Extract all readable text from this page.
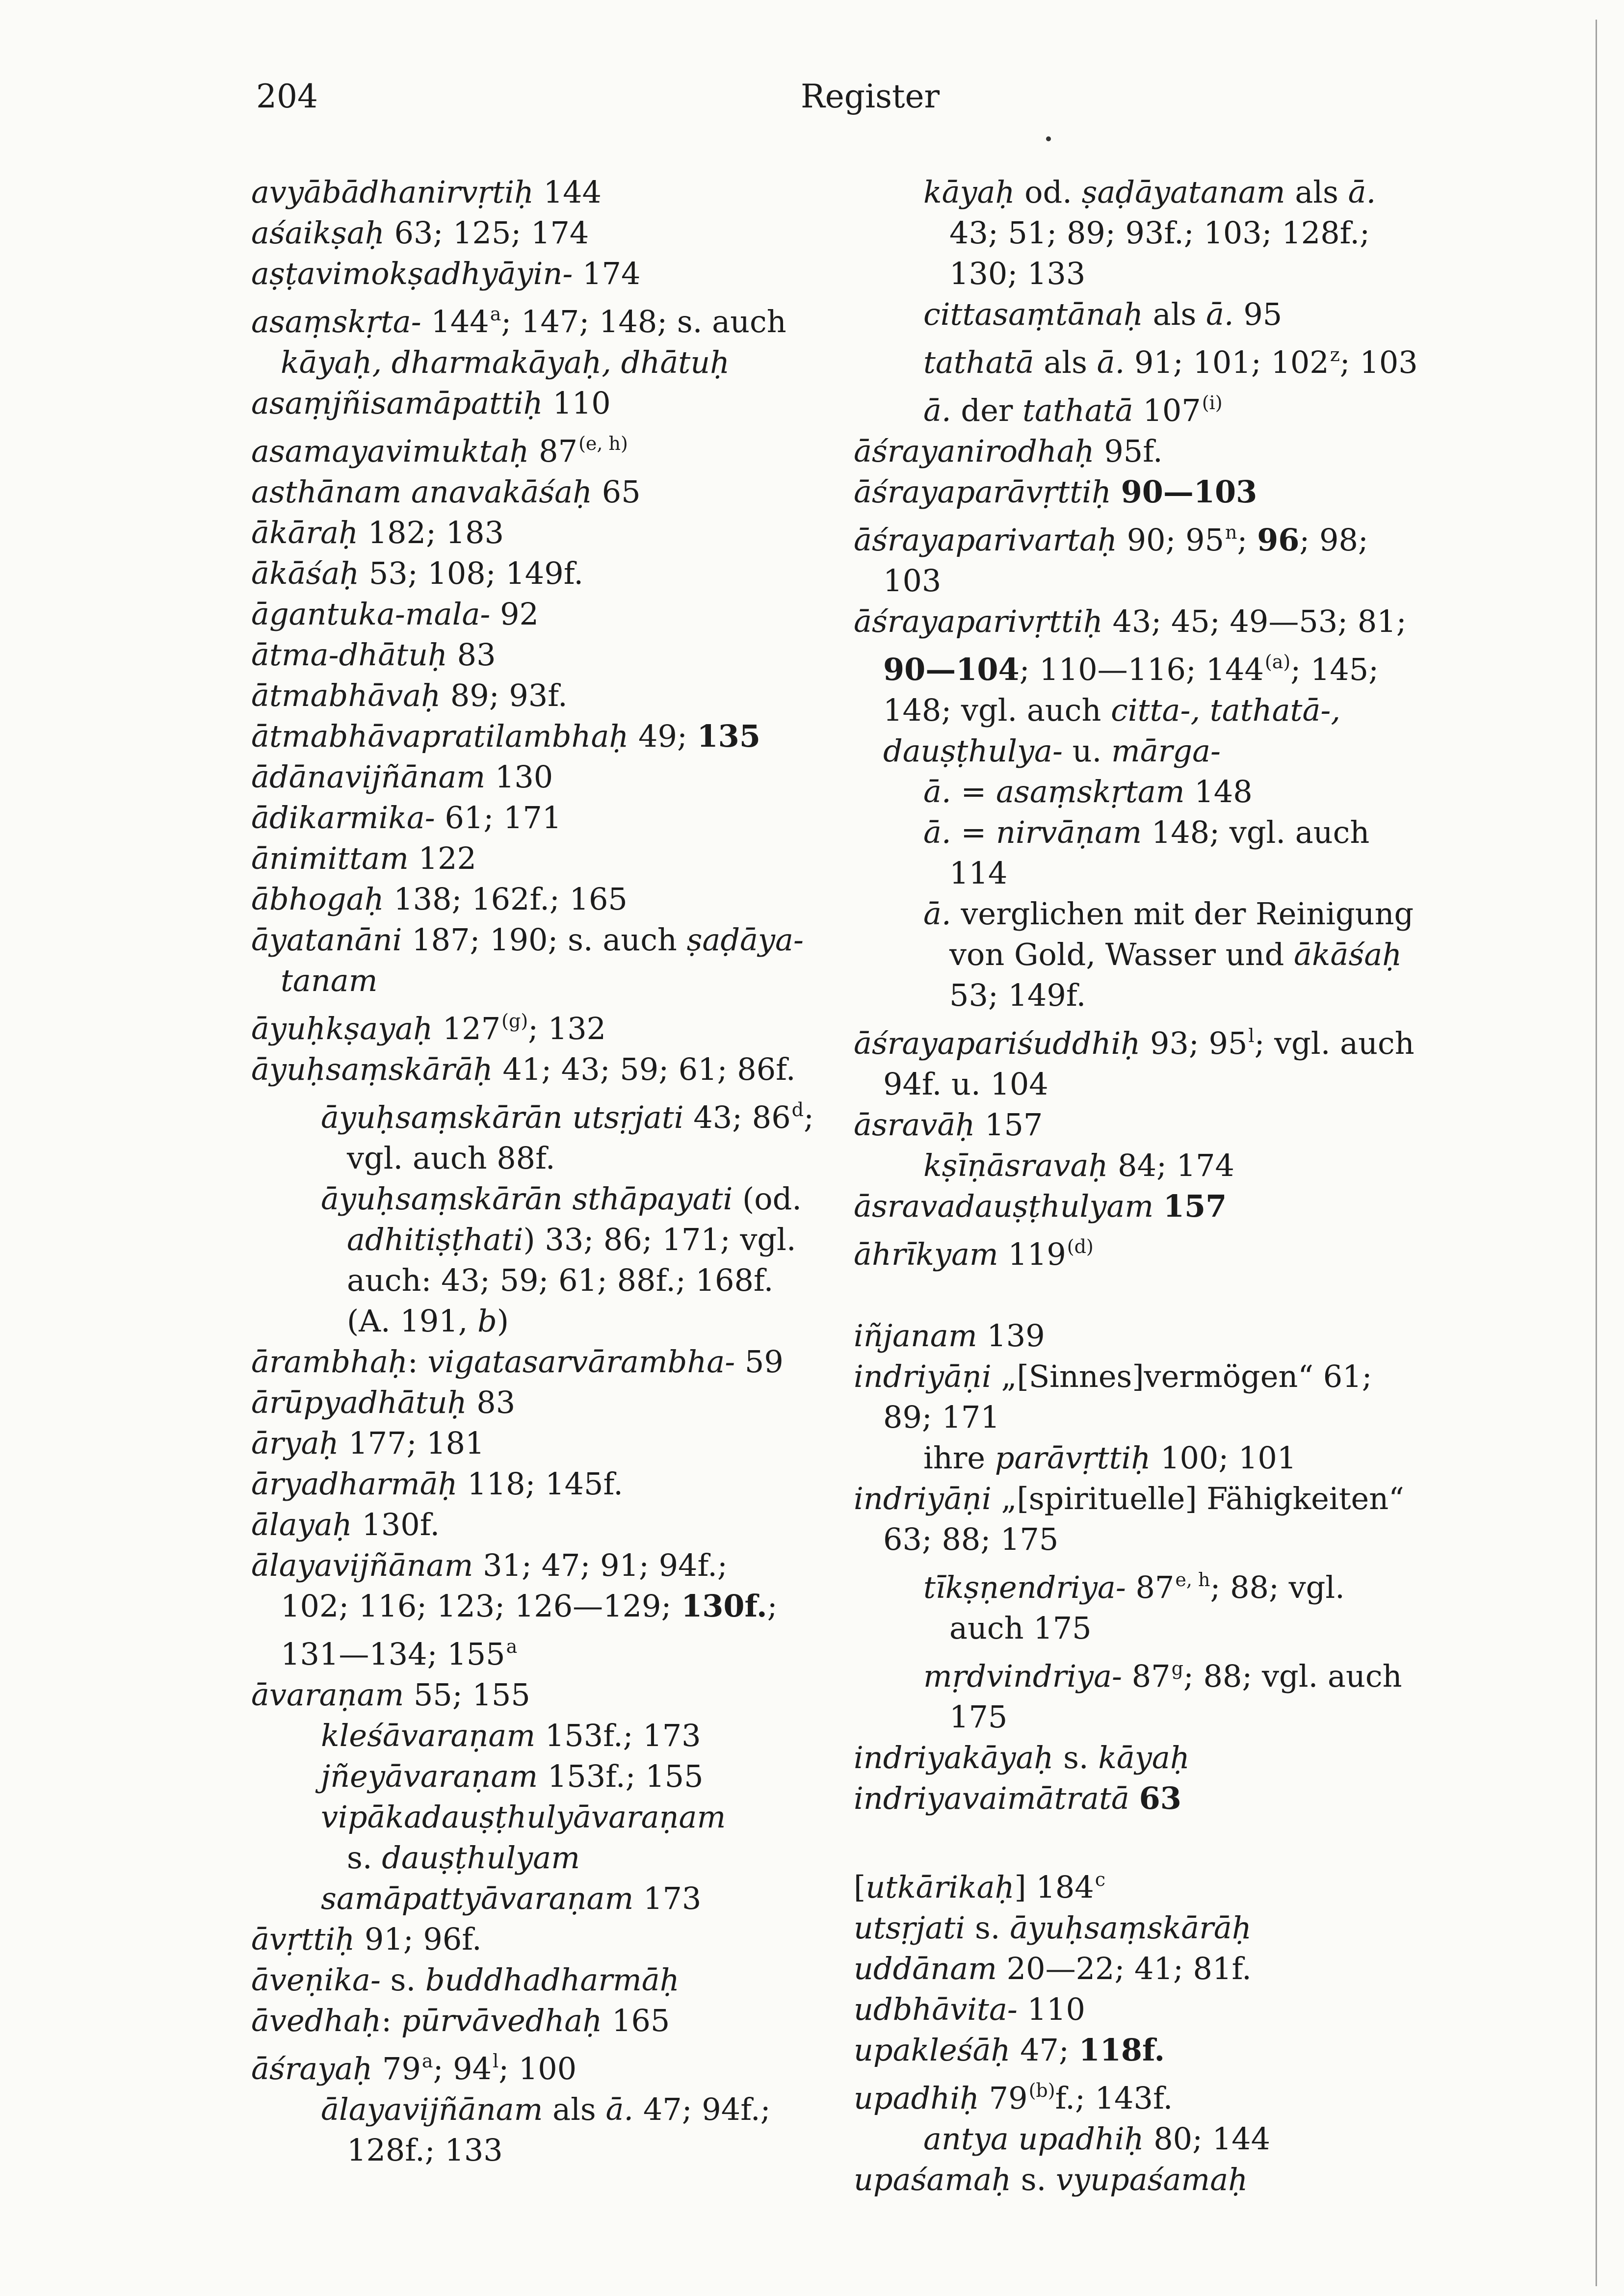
204	Register
avyābādhanirvṛtiḥ 144
aśaikṣaḥ 63; 125; 174
aṣṭavimokṣadhyāyin- 174
asaṃskṛta- 144$^a$; 147; 148; s. auch
kāyaḥ, dharmakāyaḥ, dhātuḥ
asaṃjñisamāpattiḥ 110
asamayavimuktaḥ 87$^{(e, h)}$
asthānam anavakāśaḥ 65
ākāraḥ 182; 183
ākāśaḥ 53; 108; 149f.
āgantuka-mala- 92
ātma-dhātuḥ 83
ātmabhāvaḥ 89; 93f.
ātmabhāvapratilambhaḥ 49; 135
ādānavijñānam 130
ādikarmika- 61; 171
ānimittam 122
ābhogaḥ 138; 162f.; 165
āyatanāni 187; 190; s. auch ṣaḍāya-
tanam
āyuḥkṣayaḥ 127$^{(g)}$; 132
āyuḥsaṃskārāḥ 41; 43; 59; 61; 86f.
āyuḥsaṃskārān utsṛjati 43; 86$^d$;
vgl. auch 88f.
āyuḥsaṃskārān sthāpayati (od.
adhitiṣṭhati) 33; 86; 171; vgl.
auch: 43; 59; 61; 88f.; 168f.
(A. 191, b)
ārambhaḥ: vigatasarvārambha- 59
ārūpyadhātuḥ 83
āryaḥ 177; 181
āryadharmāḥ 118; 145f.
ālayaḥ 130f.
ālayavijñānam 31; 47; 91; 94f.;
102; 116; 123; 126—129; 130f.;
131—134; 155$^a$
āvaraṇam 55; 155
kleśāvaraṇam 153f.; 173
jñeyāvaraṇam 153f.; 155
vipākadauṣṭhulyāvaraṇam
s. dauṣṭhulyam
samāpattyāvaraṇam 173
āvṛttiḥ 91; 96f.
āveṇika- s. buddhadharmāḥ
āvedhaḥ: pūrvāvedhaḥ 165
āśrayaḥ 79$^a$; 94$^l$; 100
ālayavijñānam als ā. 47; 94f.;
128f.; 133
kāyaḥ od. ṣaḍāyatanam als ā.
43; 51; 89; 93f.; 103; 128f.;
130; 133
cittasaṃtānaḥ als ā. 95
tathatā als ā. 91; 101; 102$^z$; 103
ā. der tathatā 107$^{(i)}$
āśrayanirodhaḥ 95f.
āśrayaparāvṛttiḥ 90—103
āśrayaparivartaḥ 90; 95$^n$; 96; 98;
103
āśrayaparivṛttiḥ 43; 45; 49—53; 81;
90—104; 110—116; 144$^{(a)}$; 145;
148; vgl. auch citta-, tathatā-,
dauṣṭhulya- u. mārga-
ā. = asaṃskṛtam 148
ā. = nirvāṇam 148; vgl. auch
114
ā. verglichen mit der Reinigung
von Gold, Wasser und ākāśaḥ
53; 149f.
āśrayapariśuddhiḥ 93; 95$^l$; vgl. auch
94f. u. 104
āsravāḥ 157
kṣīṇāsravaḥ 84; 174
āsravadauṣṭhulyam 157
āhrīkyam 119$^{(d)}$
iñjanam 139
indriyāṇi „[Sinnes]vermögen“ 61;
89; 171
ihre parāvṛttiḥ 100; 101
indriyāṇi „[spirituelle] Fähigkeiten“
63; 88; 175
tīkṣṇendriya- 87$^{e, h}$; 88; vgl.
auch 175
mṛdvindriya- 87$^g$; 88; vgl. auch
175
indriyakāyaḥ s. kāyaḥ
indriyavaimātratā 63
[utkārikaḥ] 184$^c$
utsṛjati s. āyuḥsaṃskārāḥ
uddānam 20—22; 41; 81f.
udbhāvita- 110
upakleśāḥ 47; 118f.
upadhiḥ 79$^{(b)}$f.; 143f.
antya upadhiḥ 80; 144
upaśamaḥ s. vyupaśamaḥ
